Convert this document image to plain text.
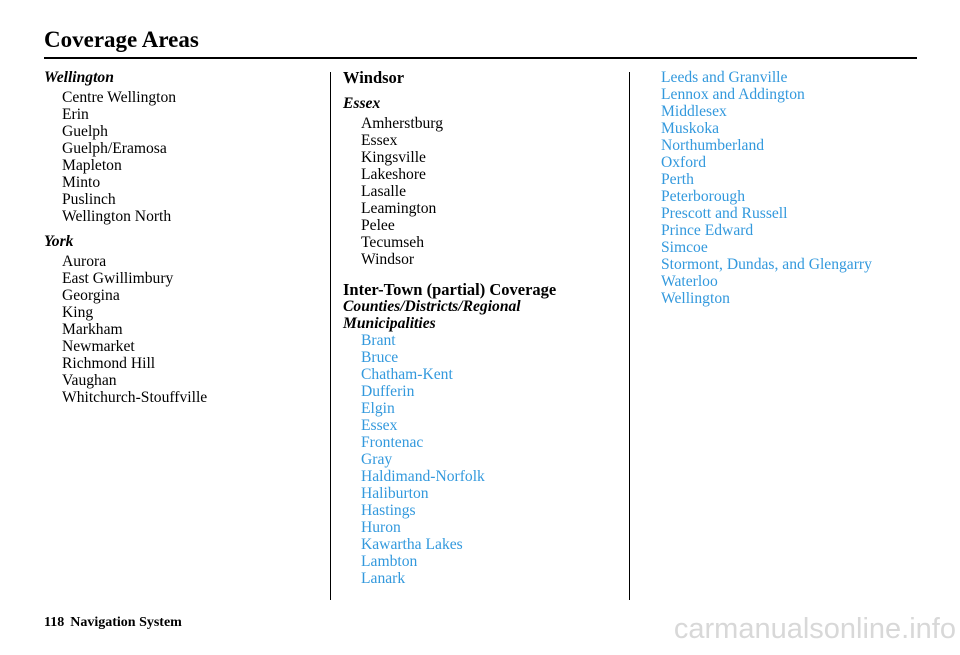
Coverage Areas
Wellington
Centre Wellington
Erin
Guelph
Guelph/Eramosa
Mapleton
Minto
Puslinch
Wellington North
York
Aurora
East Gwillimbury
Georgina
King
Markham
Newmarket
Richmond Hill
Vaughan
Whitchurch-Stouffville
Windsor
Essex
Amherstburg
Essex
Kingsville
Lakeshore
Lasalle
Leamington
Pelee
Tecumseh
Windsor
Inter-Town (partial) Coverage
Counties/Districts/Regional
Municipalities
Brant
Bruce
Chatham-Kent
Dufferin
Elgin
Essex
Frontenac
Gray
Haldimand-Norfolk
Haliburton
Hastings
Huron
Kawartha Lakes
Lambton
Lanark
Leeds and Granville
Lennox and Addington
Middlesex
Muskoka
Northumberland
Oxford
Perth
Peterborough
Prescott and Russell
Prince Edward
Simcoe
Stormont, Dundas, and Glengarry
Waterloo
Wellington
118 Navigation System	carmanualsonline.info
